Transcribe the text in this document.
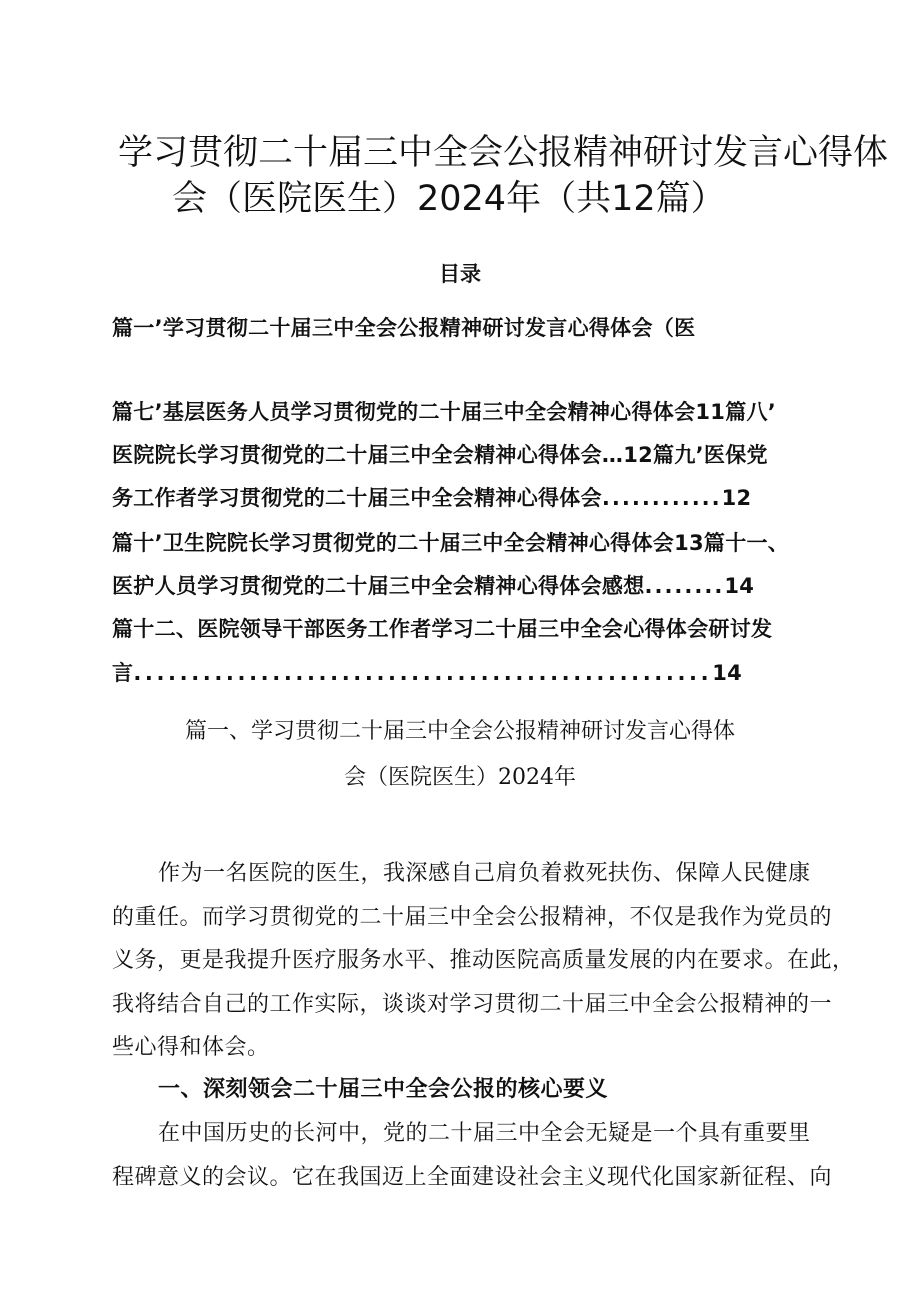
学习贯彻二十届三中全会公报精神研讨发言心得体
会（医院医生）2024年（共12篇）
目录
篇一’学习贯彻二十届三中全会公报精神研讨发言心得体会（医
篇七’基层医务人员学习贯彻党的二十届三中全会精神心得体会11篇八’
医院院长学习贯彻党的二十届三中全会精神心得体会…12篇九’医保党
务工作者学习贯彻党的二十届三中全会精神心得体会............12
篇十’卫生院院长学习贯彻党的二十届三中全会精神心得体会13篇十一、
医护人员学习贯彻党的二十届三中全会精神心得体会感想........14
篇十二、医院领导干部医务工作者学习二十届三中全会心得体会研讨发
言..................................................14
篇一、学习贯彻二十届三中全会公报精神研讨发言心得体
会（医院医生）2024年
作为一名医院的医生，我深感自己肩负着救死扶伤、保障人民健康
的重任。而学习贯彻党的二十届三中全会公报精神，不仅是我作为党员的
义务，更是我提升医疗服务水平、推动医院高质量发展的内在要求。在此，
我将结合自己的工作实际，谈谈对学习贯彻二十届三中全会公报精神的一
些心得和体会。
一、深刻领会二十届三中全会公报的核心要义
在中国历史的长河中，党的二十届三中全会无疑是一个具有重要里
程碑意义的会议。它在我国迈上全面建设社会主义现代化国家新征程、向
